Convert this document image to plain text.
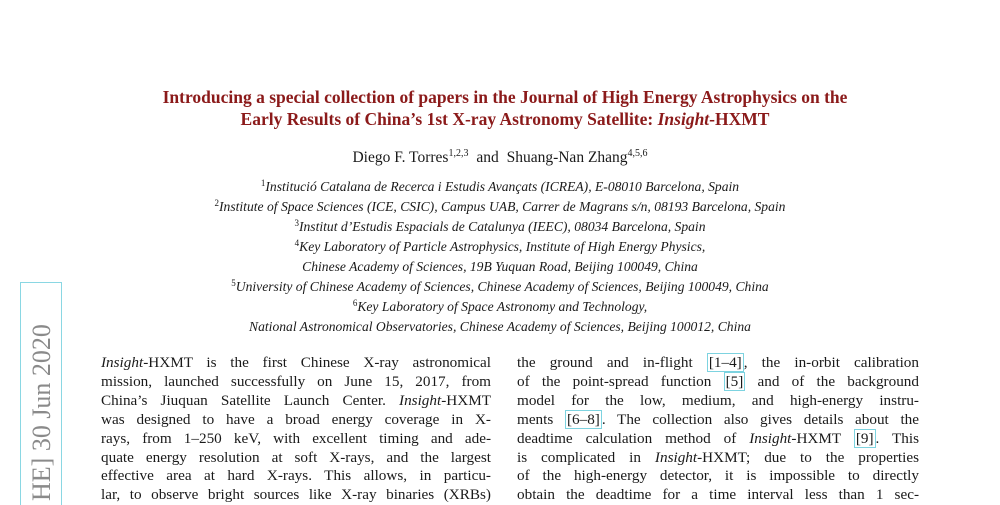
Introducing a special collection of papers in the Journal of High Energy Astrophysics on the
Early Results of China’s 1st X-ray Astronomy Satellite: Insight-HXMT
Diego F. Torres$^{1,2,3}$ and Shuang-Nan Zhang$^{4,5,6}$
$^1$Institució Catalana de Recerca i Estudis Avançats (ICREA), E-08010 Barcelona, Spain
$^2$Institute of Space Sciences (ICE, CSIC), Campus UAB, Carrer de Magrans s/n, 08193 Barcelona, Spain
$^3$Institut d’Estudis Espacials de Catalunya (IEEC), 08034 Barcelona, Spain
$^4$Key Laboratory of Particle Astrophysics, Institute of High Energy Physics,
Chinese Academy of Sciences, 19B Yuquan Road, Beijing 100049, China
$^5$University of Chinese Academy of Sciences, Chinese Academy of Sciences, Beijing 100049, China
$^6$Key Laboratory of Space Astronomy and Technology,
National Astronomical Observatories, Chinese Academy of Sciences, Beijing 100012, China
HE] 30 Jun 2020	Insight-HXMT is the first Chinese X-ray astronomical
mission, launched successfully on June 15, 2017, from
China’s Jiuquan Satellite Launch Center. Insight-HXMT
was designed to have a broad energy coverage in X-
rays, from 1–250 keV, with excellent timing and ade-
quate energy resolution at soft X-rays, and the largest
effective area at hard X-rays. This allows, in particu-
lar, to observe bright sources like X-ray binaries (XRBs)
the ground and in-flight [1–4] , the in-orbit calibration
of the point-spread function [5] and of the background
model for the low, medium, and high-energy instru-
ments [6–8] . The collection also gives details about the
deadtime calculation method of Insight-HXMT [9] . This
is complicated in Insight-HXMT; due to the properties
of the high-energy detector, it is impossible to directly
obtain the deadtime for a time interval less than 1 sec-
